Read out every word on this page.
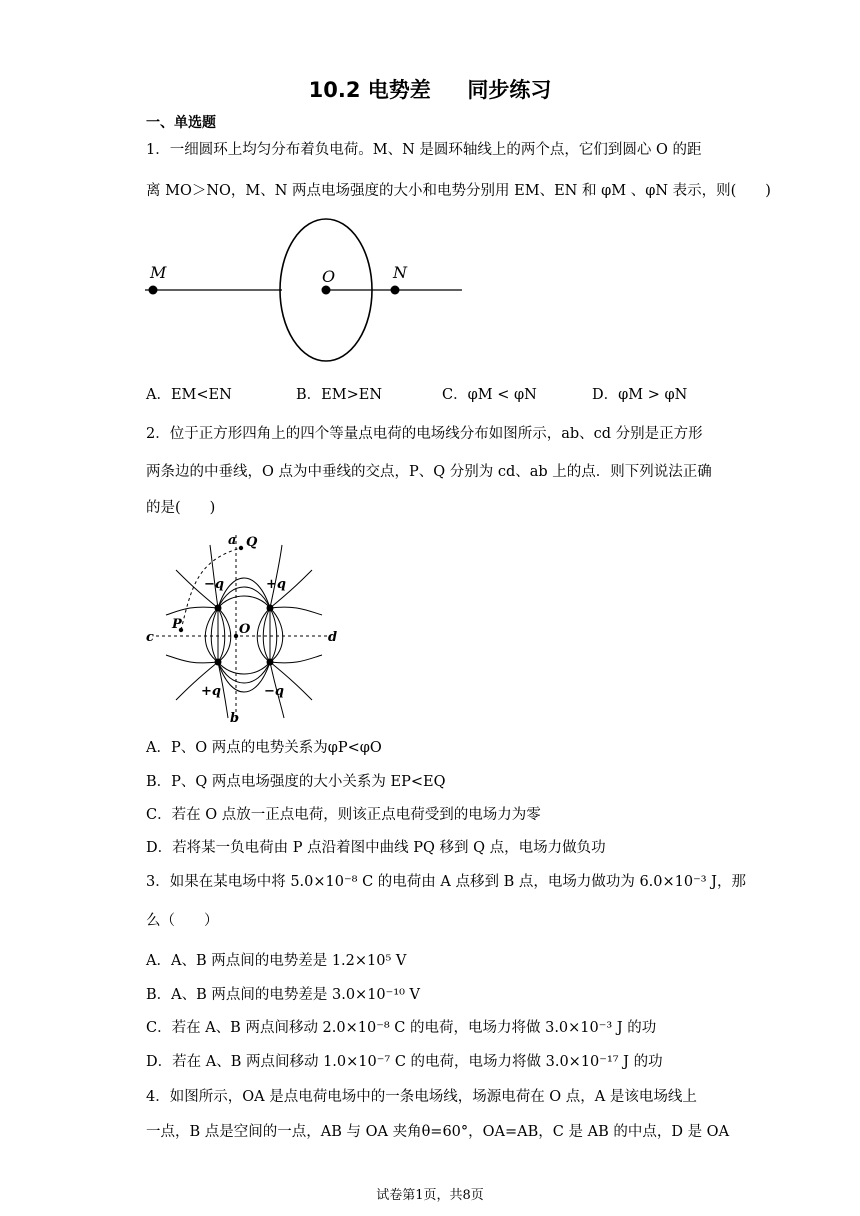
10.2 电势差     同步练习
一、单选题
1．一细圆环上均匀分布着负电荷。M、N 是圆环轴线上的两个点，它们到圆心 O 的距
离 MO＞NO，M、N 两点电场强度的大小和电势分别用 EM、EN 和 φM 、φN 表示，则(　　)
M	O	N
A．EM<EN	B．EM>EN	C．φM < φN	D．φM > φN
2．位于正方形四角上的四个等量点电荷的电场线分布如图所示，ab、cd 分别是正方形
两条边的中垂线，O 点为中垂线的交点，P、Q 分别为 cd、ab 上的点．则下列说法正确
的是(　　)
a Q
b
c	d
O
P
−q	+q
+q	−q
A．P、O 两点的电势关系为φP<φO
B．P、Q 两点电场强度的大小关系为 EP<EQ
C．若在 O 点放一正点电荷，则该正点电荷受到的电场力为零
D．若将某一负电荷由 P 点沿着图中曲线 PQ 移到 Q 点，电场力做负功
3．如果在某电场中将 5.0×10⁻⁸ C 的电荷由 A 点移到 B 点，电场力做功为 6.0×10⁻³ J，那
么（　　）
A．A、B 两点间的电势差是 1.2×10⁵ V
B．A、B 两点间的电势差是 3.0×10⁻¹⁰ V
C．若在 A、B 两点间移动 2.0×10⁻⁸ C 的电荷，电场力将做 3.0×10⁻³ J 的功
D．若在 A、B 两点间移动 1.0×10⁻⁷ C 的电荷，电场力将做 3.0×10⁻¹⁷ J 的功
4．如图所示，OA 是点电荷电场中的一条电场线，场源电荷在 O 点，A 是该电场线上
一点，B 点是空间的一点，AB 与 OA 夹角θ=60°，OA=AB，C 是 AB 的中点，D 是 OA
试卷第1页，共8页
